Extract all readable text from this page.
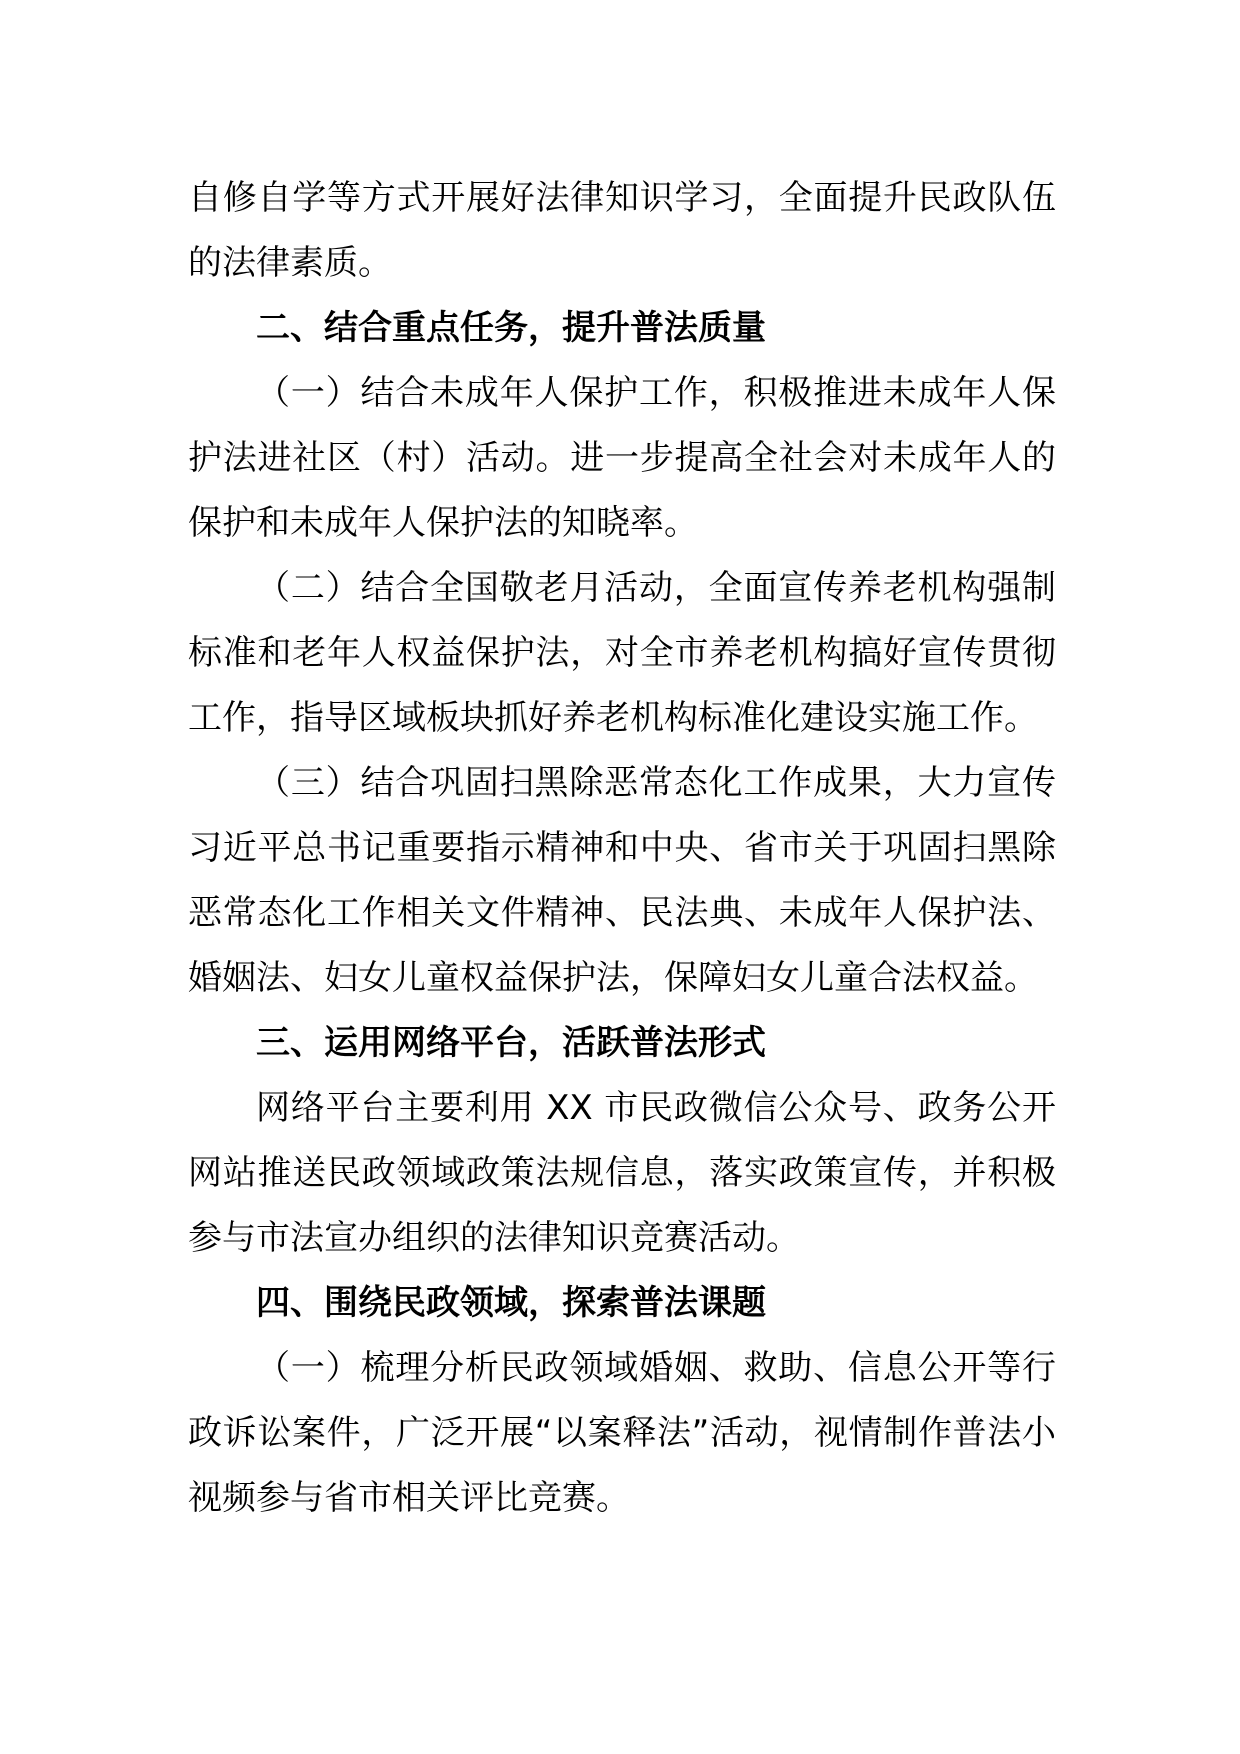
自修自学等方式开展好法律知识学习，全面提升民政队伍的法律素质。

二、结合重点任务，提升普法质量

（一）结合未成年人保护工作，积极推进未成年人保护法进社区（村）活动。进一步提高全社会对未成年人的保护和未成年人保护法的知晓率。

（二）结合全国敬老月活动，全面宣传养老机构强制标准和老年人权益保护法，对全市养老机构搞好宣传贯彻工作，指导区域板块抓好养老机构标准化建设实施工作。

（三）结合巩固扫黑除恶常态化工作成果，大力宣传习近平总书记重要指示精神和中央、省市关于巩固扫黑除恶常态化工作相关文件精神、民法典、未成年人保护法、婚姻法、妇女儿童权益保护法，保障妇女儿童合法权益。

三、运用网络平台，活跃普法形式

网络平台主要利用 XX 市民政微信公众号、政务公开网站推送民政领域政策法规信息，落实政策宣传，并积极参与市法宣办组织的法律知识竞赛活动。

四、围绕民政领域，探索普法课题

（一）梳理分析民政领域婚姻、救助、信息公开等行政诉讼案件，广泛开展“以案释法”活动，视情制作普法小视频参与省市相关评比竞赛。
